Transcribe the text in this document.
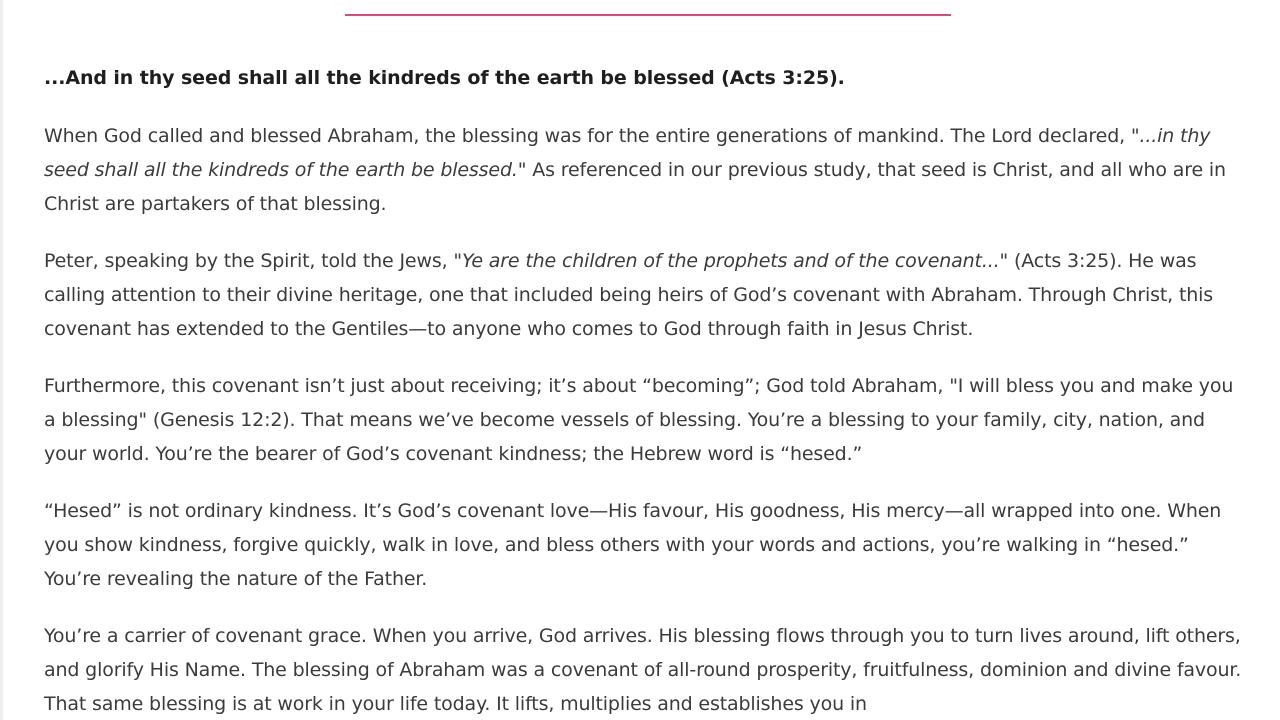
...And in thy seed shall all the kindreds of the earth be blessed (Acts 3:25).

When God called and blessed Abraham, the blessing was for the entire generations of mankind. The Lord declared, "...in thy seed shall all the kindreds of the earth be blessed." As referenced in our previous study, that seed is Christ, and all who are in Christ are partakers of that blessing.

Peter, speaking by the Spirit, told the Jews, "Ye are the children of the prophets and of the covenant..." (Acts 3:25). He was calling attention to their divine heritage, one that included being heirs of God’s covenant with Abraham. Through Christ, this covenant has extended to the Gentiles—to anyone who comes to God through faith in Jesus Christ.

Furthermore, this covenant isn’t just about receiving; it’s about “becoming”; God told Abraham, "I will bless you and make you a blessing" (Genesis 12:2). That means we’ve become vessels of blessing. You’re a blessing to your family, city, nation, and your world. You’re the bearer of God’s covenant kindness; the Hebrew word is “hesed.”

“Hesed” is not ordinary kindness. It’s God’s covenant love—His favour, His goodness, His mercy—all wrapped into one. When you show kindness, forgive quickly, walk in love, and bless others with your words and actions, you’re walking in “hesed.” You’re revealing the nature of the Father.

You’re a carrier of covenant grace. When you arrive, God arrives. His blessing flows through you to turn lives around, lift others, and glorify His Name. The blessing of Abraham was a covenant of all-round prosperity, fruitfulness, dominion and divine favour. That same blessing is at work in your life today. It lifts, multiplies and establishes you in
